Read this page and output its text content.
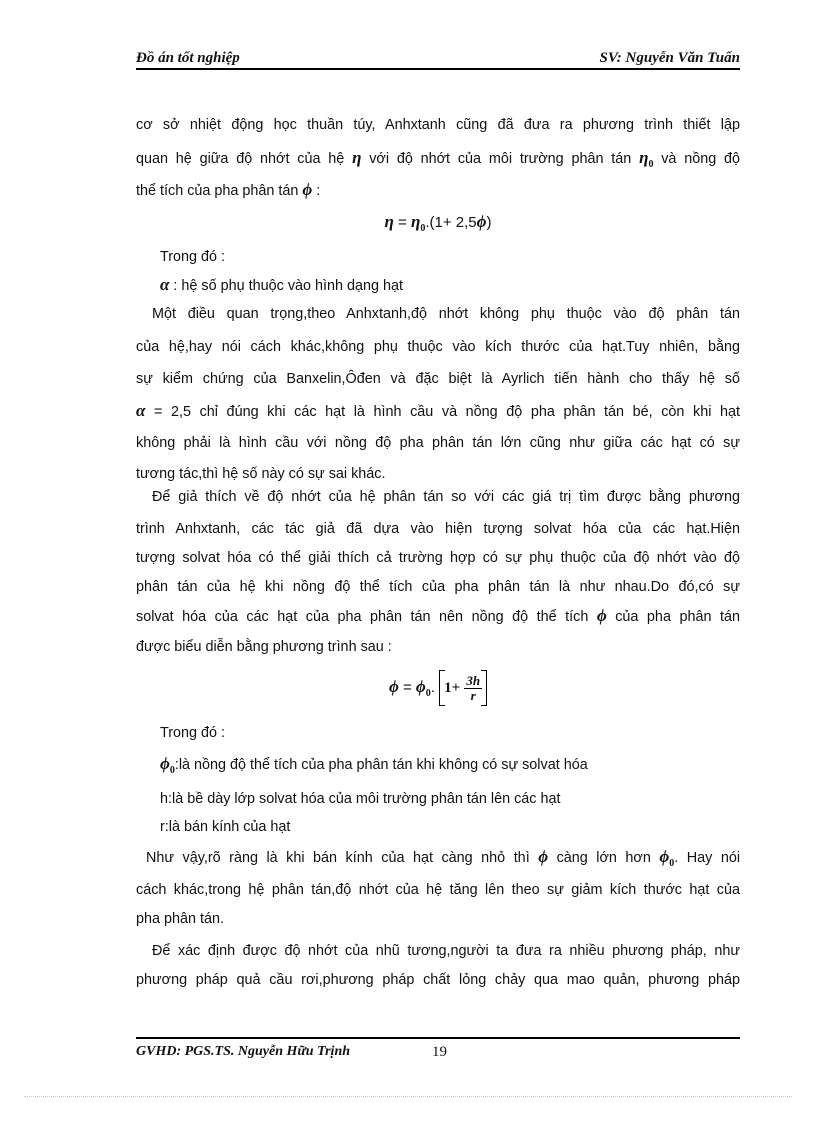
Đồ án tốt nghiệp	SV: Nguyễn Văn Tuấn
cơ sở nhiệt động học thuần túy, Anhxtanh cũng đã đưa ra phương trình thiết lập
quan hệ giữa độ nhớt của hệ η với độ nhớt của môi trường phân tán $\eta_0$ và nồng độ
thể tích của pha phân tán ϕ :
$\eta = \eta_0.(1+ 2,5\phi)$
Trong đó :
α : hệ số phụ thuộc vào hình dạng hạt
Một điều quan trọng,theo Anhxtanh,độ nhớt không phụ thuộc vào độ phân tán
của hệ,hay nói cách khác,không phụ thuộc vào kích thước của hạt.Tuy nhiên, bằng
sự kiểm chứng của Banxelin,Ôđen và đặc biệt là Ayrlich tiến hành cho thấy hệ số
α = 2,5 chỉ đúng khi các hạt là hình cầu và nồng độ pha phân tán bé, còn khi hạt
không phải là hình cầu với nồng độ pha phân tán lớn cũng như giữa các hạt có sự
tương tác,thì hệ số này có sự sai khác.
Để giả thích về độ nhớt của hệ phân tán so với các giá trị tìm được bằng phương
trình Anhxtanh, các tác giả đã dựa vào hiện tượng solvat hóa của các hạt.Hiện
tượng solvat hóa có thể giải thích cả trường hợp có sự phụ thuộc của độ nhớt vào độ
phân tán của hệ khi nồng độ thể tích của pha phân tán là như nhau.Do đó,có sự
solvat hóa của các hạt của pha phân tán nên nồng độ thể tích ϕ của pha phân tán
được biểu diễn bằng phương trình sau :
$\phi = \phi_0$. $1+ \frac{3h}{r}$
Trong đó :
$\phi_0:là$ nồng độ thể tích của pha phân tán khi không có sự solvat hóa
h:là bề dày lớp solvat hóa của môi trường phân tán lên các hạt
r:là bán kính của hạt
Như vậy,rõ ràng là khi bán kính của hạt càng nhỏ thì ϕ càng lớn hơn $\phi_0$. Hay nói
cách khác,trong hệ phân tán,độ nhớt của hệ tăng lên theo sự giảm kích thước hạt của
pha phân tán.
Để xác định được độ nhớt của nhũ tương,người ta đưa ra nhiều phương pháp, như
phương pháp quả cầu rơi,phương pháp chất lỏng chảy qua mao quản, phương pháp
GVHD: PGS.TS. Nguyễn Hữu Trịnh	19
